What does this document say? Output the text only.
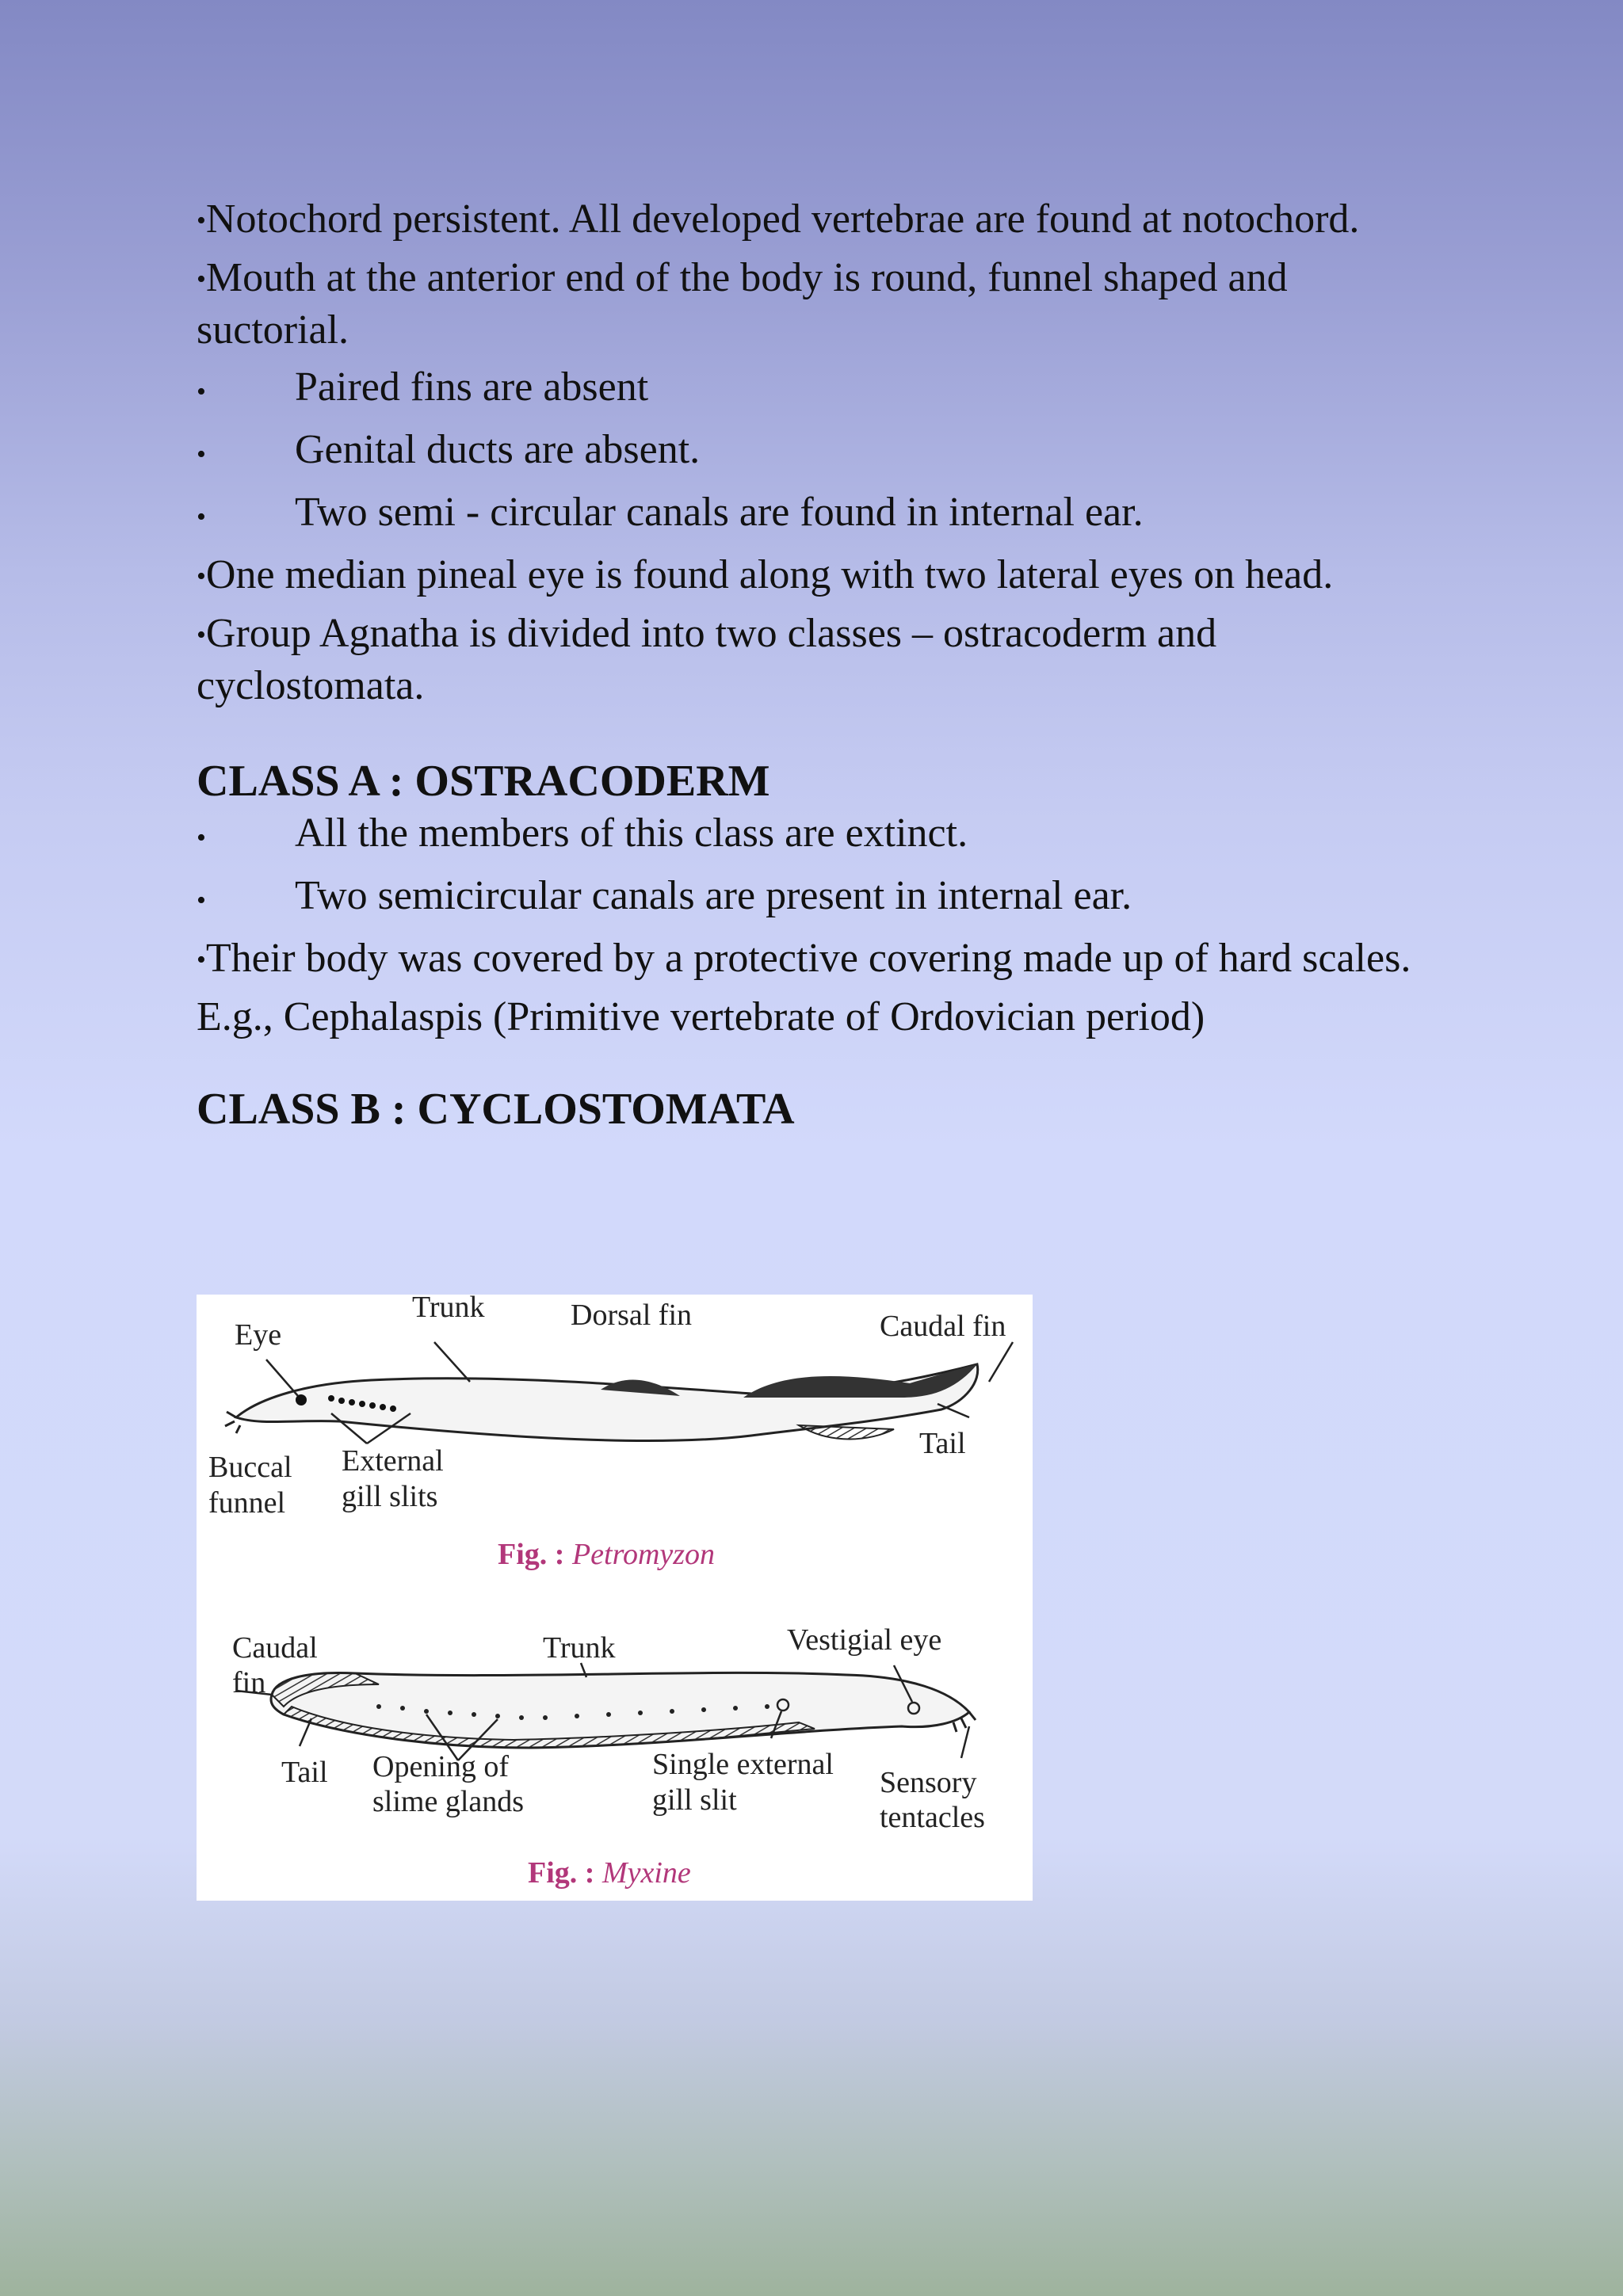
• Notochord persistent. All developed vertebrae are found at notochord.
• Mouth at the anterior end of the body is round, funnel shaped and suctorial.
•	Paired fins are absent
•	Genital ducts are absent.
•	Two semi - circular canals are found in internal ear.
• One median pineal eye is found along with two lateral eyes on head.
• Group Agnatha is divided into two classes – ostracoderm and cyclostomata.
CLASS A : OSTRACODERM
•	All the members of this class are extinct.
•	Two semicircular canals are present in internal ear.
• Their body was covered by a protective covering made up of hard scales.
E.g., Cephalaspis (Primitive vertebrate of Ordovician period)
CLASS B : CYCLOSTOMATA
Eye
Trunk	Dorsal fin	Caudal fin
Tail
Buccal
funnel
External
gill slits
Fig. : Petromyzon
Caudal
fin
Trunk	Vestigial eye
Tail Opening of
slime glands
Single external
gill slit
Sensory
tentacles
Fig. : Myxine
